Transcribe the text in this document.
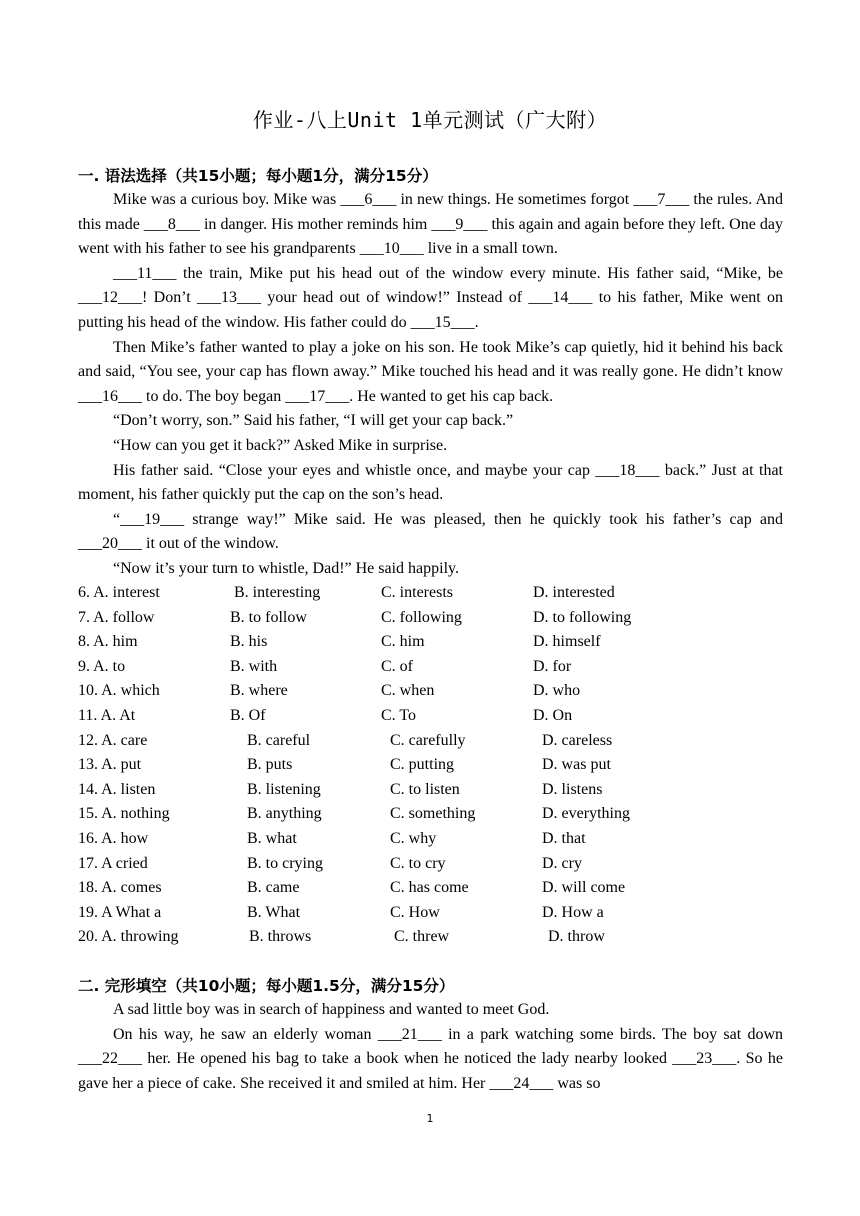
作业-八上Unit 1单元测试（广大附）
一. 语法选择（共15小题；每小题1分，满分15分）

Mike was a curious boy. Mike was ___6___ in new things. He sometimes forgot ___7___ the rules. And this made ___8___ in danger. His mother reminds him ___9___ this again and again before they left. One day went with his father to see his grandparents ___10___ live in a small town.

___11___ the train, Mike put his head out of the window every minute. His father said, “Mike, be ___12___! Don’t ___13___ your head out of window!” Instead of ___14___ to his father, Mike went on putting his head of the window. His father could do ___15___.

Then Mike’s father wanted to play a joke on his son. He took Mike’s cap quietly, hid it behind his back and said, “You see, your cap has flown away.” Mike touched his head and it was really gone. He didn’t know ___16___ to do. The boy began ___17___. He wanted to get his cap back.

“Don’t worry, son.” Said his father, “I will get your cap back.”

“How can you get it back?” Asked Mike in surprise.

His father said. “Close your eyes and whistle once, and maybe your cap ___18___ back.” Just at that moment, his father quickly put the cap on the son’s head.

“___19___ strange way!” Mike said. He was pleased, then he quickly took his father’s cap and ___20___ it out of the window.

“Now it’s your turn to whistle, Dad!” He said happily.

6. A. interest	B. interesting	C. interests	D. interested
7. A. follow	B. to follow	C. following	D. to following
8. A. him	B. his	C. him	D. himself
9. A. to	B. with	C. of	D. for
10. A. which	B. where	C. when	D. who
11. A. At	B. Of	C. To	D. On
12. A. care	B. careful	C. carefully	D. careless
13. A. put	B. puts	C. putting	D. was put
14. A. listen	B. listening	C. to listen	D. listens
15. A. nothing	B. anything	C. something	D. everything
16. A. how	B. what	C. why	D. that
17. A cried	B. to crying	C. to cry	D. cry
18. A. comes	B. came	C. has come	D. will come
19. A What a	B. What	C. How	D. How a
20. A. throwing	B. throws	C. threw	D. throw
二. 完形填空（共10小题；每小题1.5分，满分15分）

A sad little boy was in search of happiness and wanted to meet God.

On his way, he saw an elderly woman ___21___ in a park watching some birds. The boy sat down ___22___ her. He opened his bag to take a book when he noticed the lady nearby looked ___23___. So he gave her a piece of cake. She received it and smiled at him. Her ___24___ was so

1
